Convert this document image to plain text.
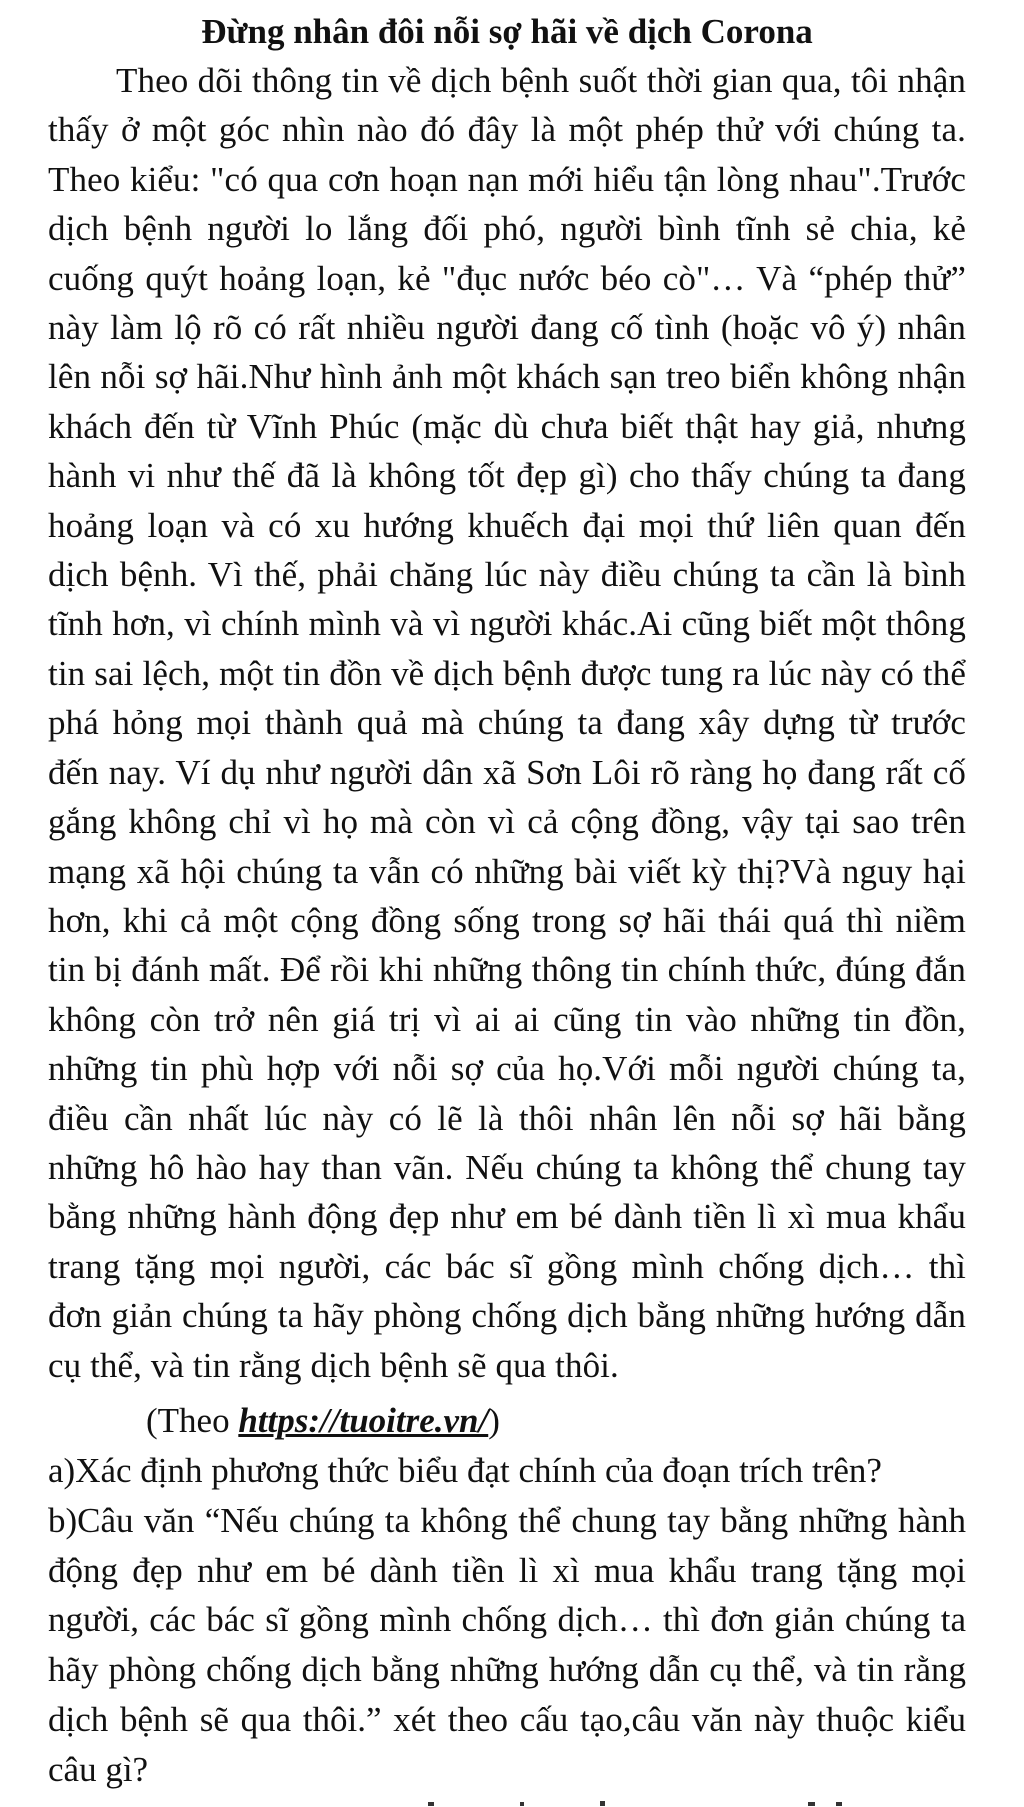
Đừng nhân đôi nỗi sợ hãi về dịch Corona

Theo dõi thông tin về dịch bệnh suốt thời gian qua, tôi nhận thấy ở một góc nhìn nào đó đây là một phép thử với chúng ta. Theo kiểu: "có qua cơn hoạn nạn mới hiểu tận lòng nhau".Trước dịch bệnh người lo lắng đối phó, người bình tĩnh sẻ chia, kẻ cuống quýt hoảng loạn, kẻ "đục nước béo cò"… Và “phép thử” này làm lộ rõ có rất nhiều người đang cố tình (hoặc vô ý) nhân lên nỗi sợ hãi.Như hình ảnh một khách sạn treo biển không nhận khách đến từ Vĩnh Phúc (mặc dù chưa biết thật hay giả, nhưng hành vi như thế đã là không tốt đẹp gì) cho thấy chúng ta đang hoảng loạn và có xu hướng khuếch đại mọi thứ liên quan đến dịch bệnh. Vì thế, phải chăng lúc này điều chúng ta cần là bình tĩnh hơn, vì chính mình và vì người khác.Ai cũng biết một thông tin sai lệch, một tin đồn về dịch bệnh được tung ra lúc này có thể phá hỏng mọi thành quả mà chúng ta đang xây dựng từ trước đến nay. Ví dụ như người dân xã Sơn Lôi rõ ràng họ đang rất cố gắng không chỉ vì họ mà còn vì cả cộng đồng, vậy tại sao trên mạng xã hội chúng ta vẫn có những bài viết kỳ thị?Và nguy hại hơn, khi cả một cộng đồng sống trong sợ hãi thái quá thì niềm tin bị đánh mất. Để rồi khi những thông tin chính thức, đúng đắn không còn trở nên giá trị vì ai ai cũng tin vào những tin đồn, những tin phù hợp với nỗi sợ của họ.Với mỗi người chúng ta, điều cần nhất lúc này có lẽ là thôi nhân lên nỗi sợ hãi bằng những hô hào hay than vãn. Nếu chúng ta không thể chung tay bằng những hành động đẹp như em bé dành tiền lì xì mua khẩu trang tặng mọi người, các bác sĩ gồng mình chống dịch… thì đơn giản chúng ta hãy phòng chống dịch bằng những hướng dẫn cụ thể, và tin rằng dịch bệnh sẽ qua thôi.

(Theo https://tuoitre.vn/)

a)Xác định phương thức biểu đạt chính của đoạn trích trên?

b)Câu văn “Nếu chúng ta không thể chung tay bằng những hành động đẹp như em bé dành tiền lì xì mua khẩu trang tặng mọi người, các bác sĩ gồng mình chống dịch… thì đơn giản chúng ta hãy phòng chống dịch bằng những hướng dẫn cụ thể, và tin rằng dịch bệnh sẽ qua thôi.” xét theo cấu tạo,câu văn này thuộc kiểu câu gì?
